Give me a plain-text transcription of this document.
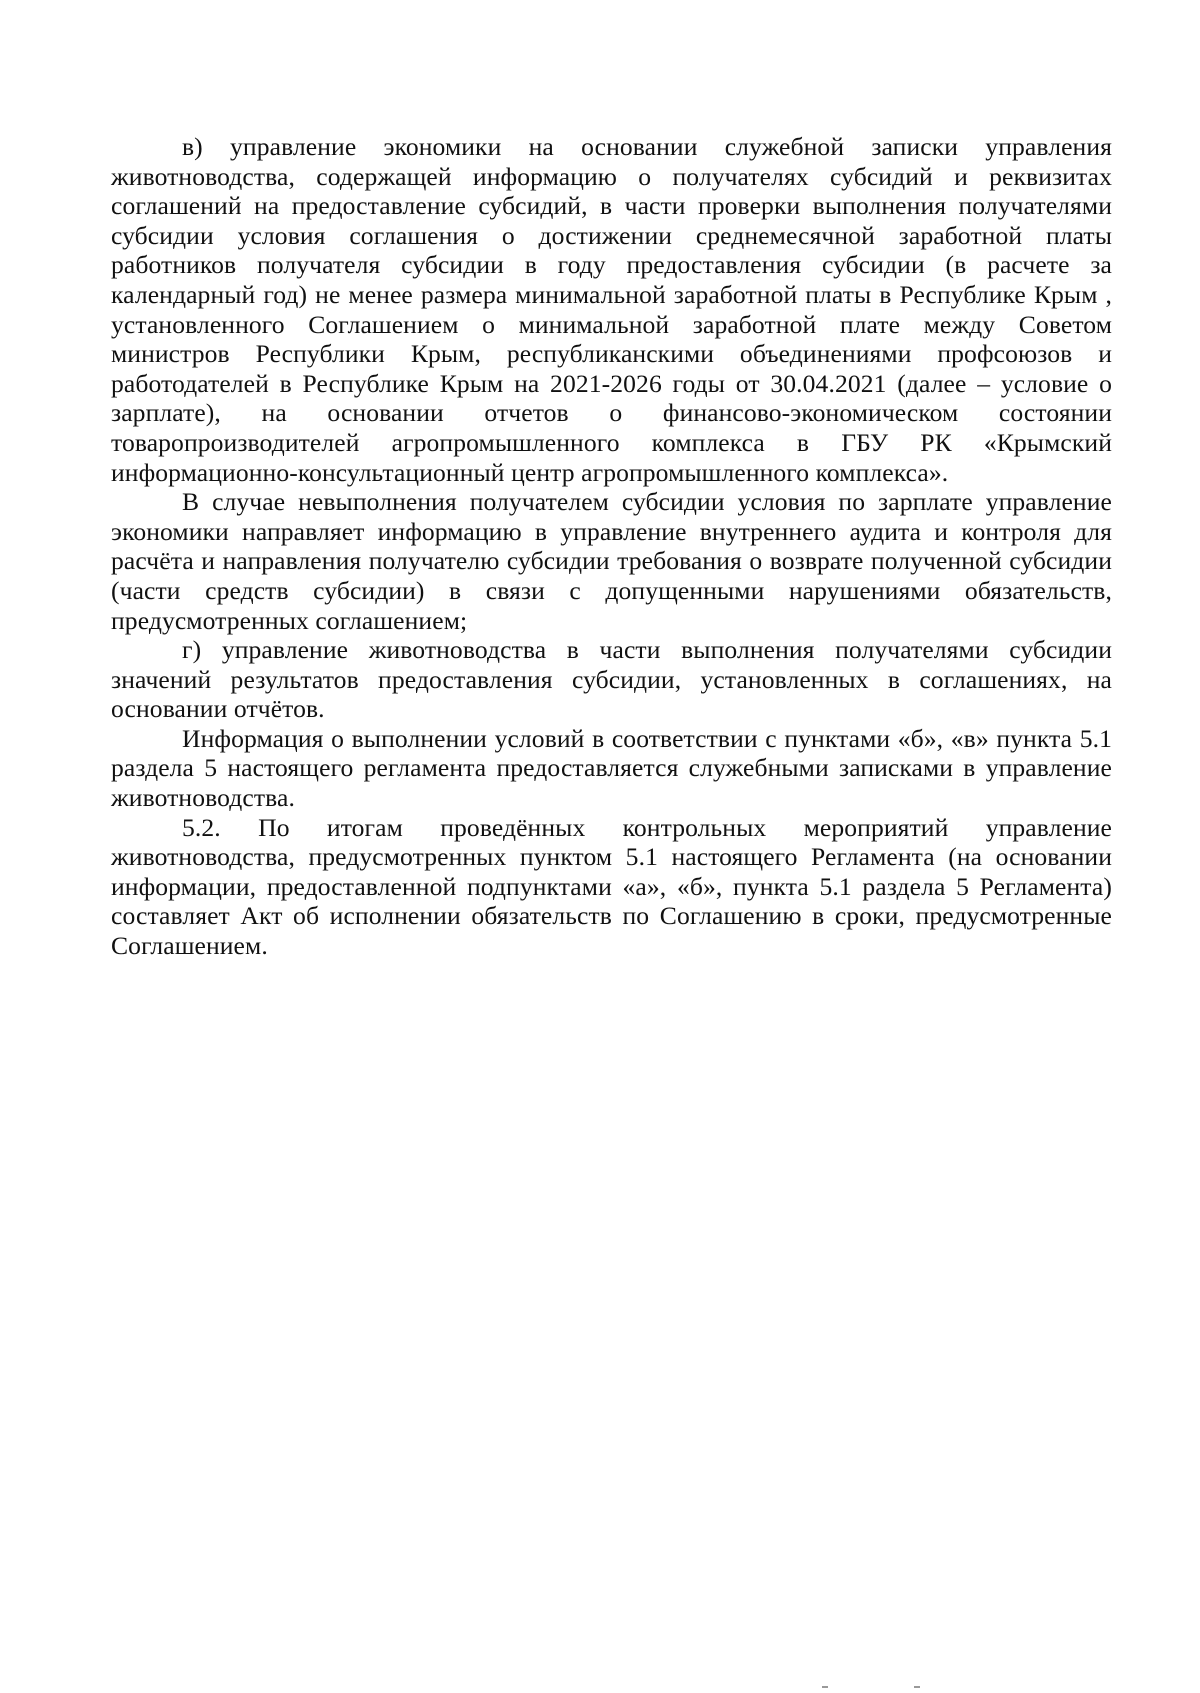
в) управление экономики на основании служебной записки управления животноводства, содержащей информацию о получателях субсидий и реквизитах соглашений на предоставление субсидий, в части проверки выполнения получателями субсидии условия соглашения о достижении среднемесячной заработной платы работников получателя субсидии в году предоставления субсидии (в расчете за календарный год) не менее размера минимальной заработной платы в Республике Крым , установленного Соглашением о минимальной заработной плате между Советом министров Республики Крым, республиканскими объединениями профсоюзов и работодателей в Республике Крым на 2021-2026 годы от 30.04.2021 (далее – условие о зарплате), на основании отчетов о финансово-экономическом состоянии товаропроизводителей агропромышленного комплекса в ГБУ РК «Крымский информационно-консультационный центр агропромышленного комплекса».

В случае невыполнения получателем субсидии условия по зарплате управление экономики направляет информацию в управление внутреннего аудита и контроля для расчёта и направления получателю субсидии требования о возврате полученной субсидии (части средств субсидии) в связи с допущенными нарушениями обязательств, предусмотренных соглашением;

г) управление животноводства в части выполнения получателями субсидии значений результатов предоставления субсидии, установленных в соглашениях, на основании отчётов.

Информация о выполнении условий в соответствии с пунктами «б», «в» пункта 5.1 раздела 5 настоящего регламента предоставляется служебными записками в управление животноводства.

5.2. По итогам проведённых контрольных мероприятий управление животноводства, предусмотренных пунктом 5.1 настоящего Регламента (на основании информации, предоставленной подпунктами «а», «б», пункта 5.1 раздела 5 Регламента) составляет Акт об исполнении обязательств по Соглашению в сроки, предусмотренные Соглашением.
